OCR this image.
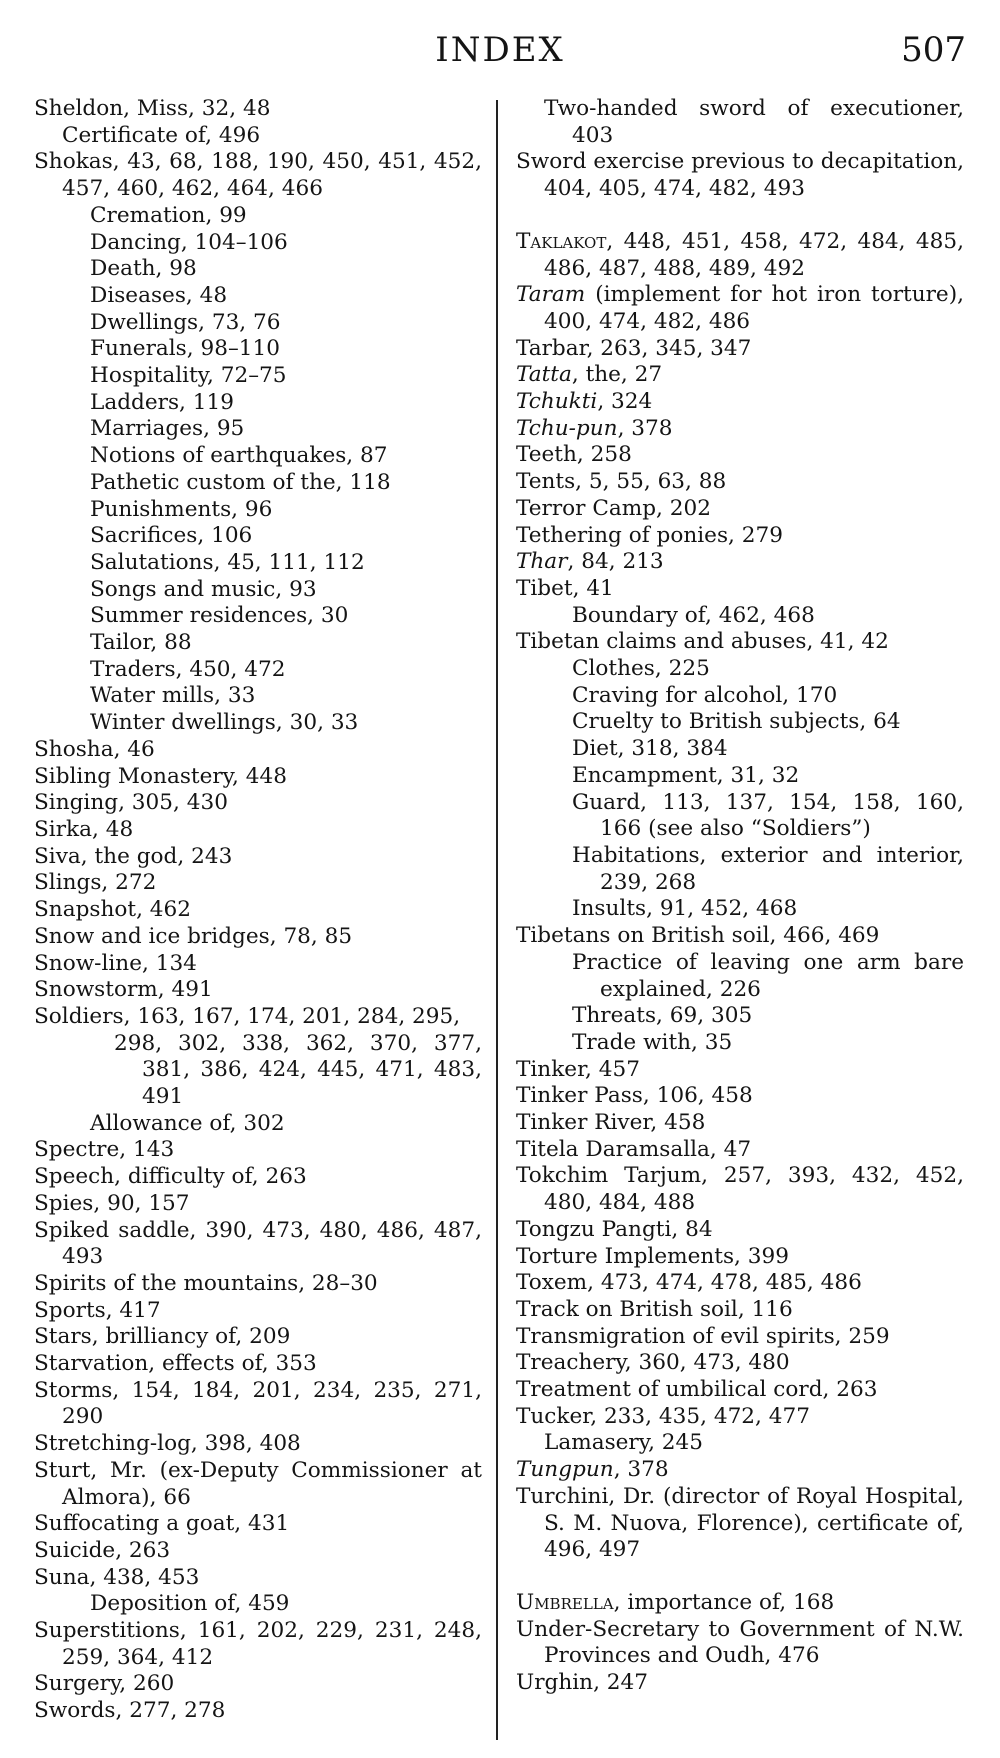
INDEX	507
Sheldon, Miss, 32, 48
Certificate of, 496
Shokas, 43, 68, 188, 190, 450, 451, 452, 457, 460, 462, 464, 466
Cremation, 99
Dancing, 104–106
Death, 98
Diseases, 48
Dwellings, 73, 76
Funerals, 98–110
Hospitality, 72–75
Ladders, 119
Marriages, 95
Notions of earthquakes, 87
Pathetic custom of the, 118
Punishments, 96
Sacrifices, 106
Salutations, 45, 111, 112
Songs and music, 93
Summer residences, 30
Tailor, 88
Traders, 450, 472
Water mills, 33
Winter dwellings, 30, 33
Shosha, 46
Sibling Monastery, 448
Singing, 305, 430
Sirka, 48
Siva, the god, 243
Slings, 272
Snapshot, 462
Snow and ice bridges, 78, 85
Snow-line, 134
Snowstorm, 491
Soldiers, 163, 167, 174, 201, 284, 295,
298, 302, 338, 362, 370, 377, 381, 386, 424, 445, 471, 483, 491
Allowance of, 302
Spectre, 143
Speech, difficulty of, 263
Spies, 90, 157
Spiked saddle, 390, 473, 480, 486, 487, 493
Spirits of the mountains, 28–30
Sports, 417
Stars, brilliancy of, 209
Starvation, effects of, 353
Storms, 154, 184, 201, 234, 235, 271, 290
Stretching-log, 398, 408
Sturt, Mr. (ex-Deputy Commissioner at Almora), 66
Suffocating a goat, 431
Suicide, 263
Suna, 438, 453
Deposition of, 459
Superstitions, 161, 202, 229, 231, 248, 259, 364, 412
Surgery, 260
Swords, 277, 278
Two-handed sword of executioner, 403
Sword exercise previous to decapitation, 404, 405, 474, 482, 493
Taklakot, 448, 451, 458, 472, 484, 485, 486, 487, 488, 489, 492
Taram (implement for hot iron torture), 400, 474, 482, 486
Tarbar, 263, 345, 347
Tatta, the, 27
Tchukti, 324
Tchu-pun, 378
Teeth, 258
Tents, 5, 55, 63, 88
Terror Camp, 202
Tethering of ponies, 279
Thar, 84, 213
Tibet, 41
Boundary of, 462, 468
Tibetan claims and abuses, 41, 42
Clothes, 225
Craving for alcohol, 170
Cruelty to British subjects, 64
Diet, 318, 384
Encampment, 31, 32
Guard, 113, 137, 154, 158, 160, 166 (see also “Soldiers”)
Habitations, exterior and interior, 239, 268
Insults, 91, 452, 468
Tibetans on British soil, 466, 469
Practice of leaving one arm bare explained, 226
Threats, 69, 305
Trade with, 35
Tinker, 457
Tinker Pass, 106, 458
Tinker River, 458
Titela Daramsalla, 47
Tokchim Tarjum, 257, 393, 432, 452, 480, 484, 488
Tongzu Pangti, 84
Torture Implements, 399
Toxem, 473, 474, 478, 485, 486
Track on British soil, 116
Transmigration of evil spirits, 259
Treachery, 360, 473, 480
Treatment of umbilical cord, 263
Tucker, 233, 435, 472, 477
Lamasery, 245
Tungpun, 378
Turchini, Dr. (director of Royal Hospital, S. M. Nuova, Florence), certificate of, 496, 497
Umbrella, importance of, 168
Under-Secretary to Government of N.W. Provinces and Oudh, 476
Urghin, 247
